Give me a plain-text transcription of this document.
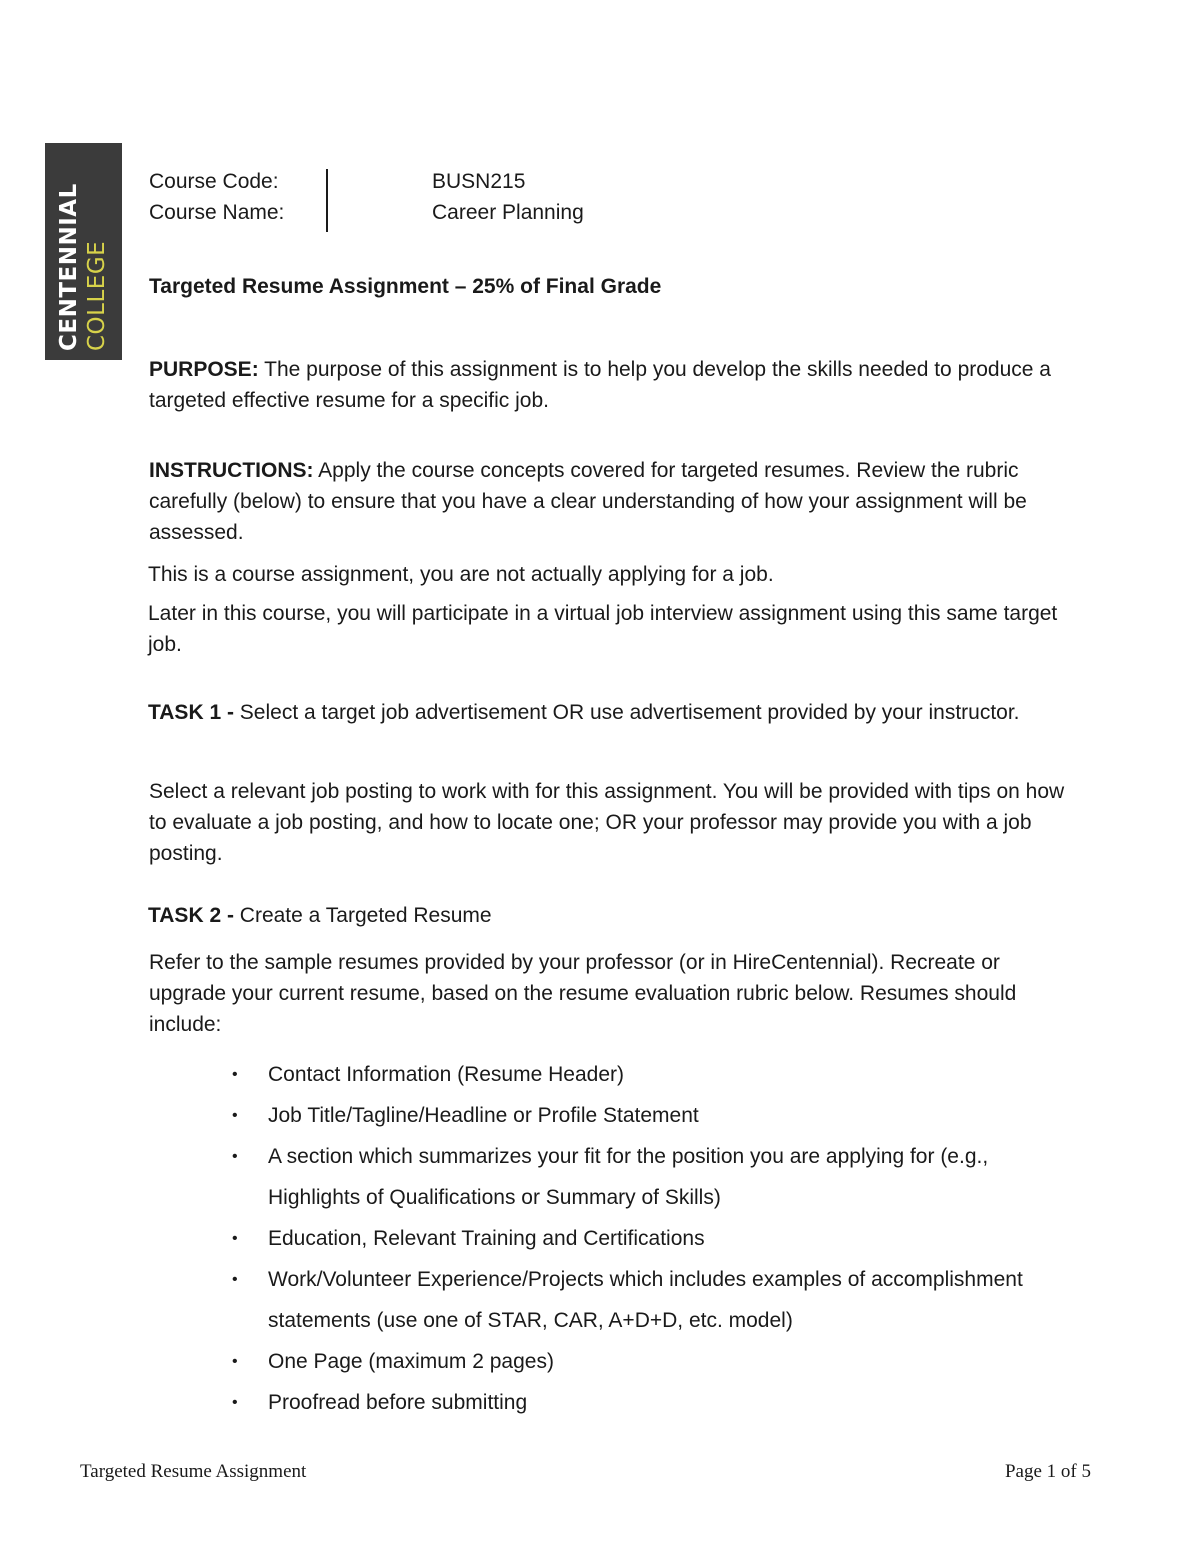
CENTENNIAL COLLEGE
Course Code:	BUSN215
Course Name:	Career Planning
Targeted Resume Assignment – 25% of Final Grade
PURPOSE: The purpose of this assignment is to help you develop the skills needed to produce a targeted effective resume for a specific job.
INSTRUCTIONS: Apply the course concepts covered for targeted resumes. Review the rubric carefully (below) to ensure that you have a clear understanding of how your assignment will be assessed.
This is a course assignment, you are not actually applying for a job.
Later in this course, you will participate in a virtual job interview assignment using this same target job.
TASK 1 - Select a target job advertisement OR use advertisement provided by your instructor.
Select a relevant job posting to work with for this assignment. You will be provided with tips on how to evaluate a job posting, and how to locate one; OR your professor may provide you with a job posting.
TASK 2 - Create a Targeted Resume
Refer to the sample resumes provided by your professor (or in HireCentennial). Recreate or upgrade your current resume, based on the resume evaluation rubric below. Resumes should include:
• Contact Information (Resume Header)
• Job Title/Tagline/Headline or Profile Statement
• A section which summarizes your fit for the position you are applying for (e.g., Highlights of Qualifications or Summary of Skills)
• Education, Relevant Training and Certifications
• Work/Volunteer Experience/Projects which includes examples of accomplishment statements (use one of STAR, CAR, A+D+D, etc. model)
• One Page (maximum 2 pages)
• Proofread before submitting
Targeted Resume Assignment	Page 1 of 5
